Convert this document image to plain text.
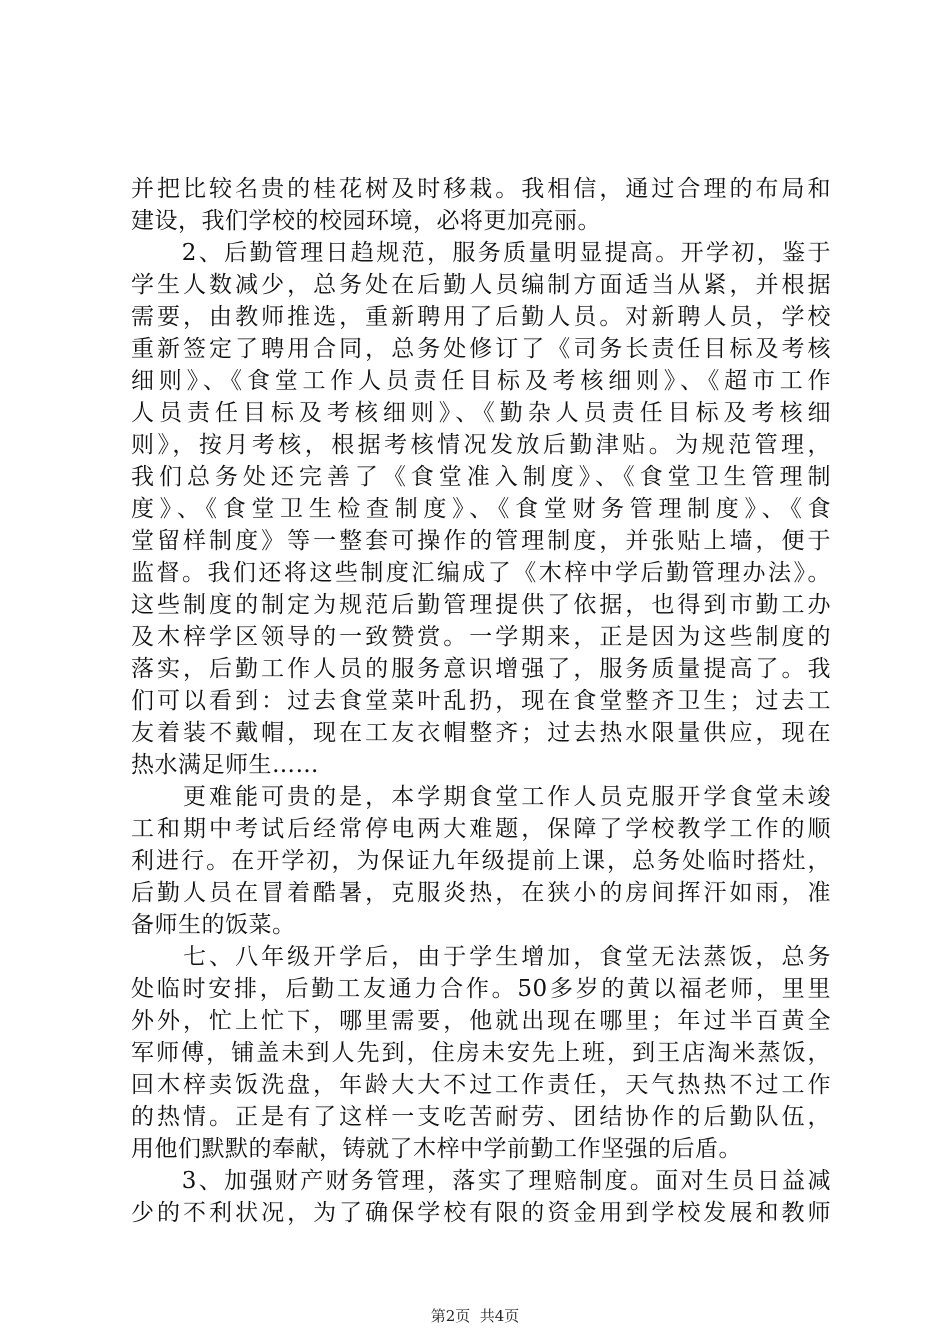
并把比较名贵的桂花树及时移栽。我相信，通过合理的布局和
建设，我们学校的校园环境，必将更加亮丽。
　　2、后勤管理日趋规范，服务质量明显提高。开学初，鉴于
学生人数减少，总务处在后勤人员编制方面适当从紧，并根据
需要，由教师推选，重新聘用了后勤人员。对新聘人员，学校
重新签定了聘用合同，总务处修订了《司务长责任目标及考核
细则》、《食堂工作人员责任目标及考核细则》、《超市工作
人员责任目标及考核细则》、《勤杂人员责任目标及考核细
则》，按月考核，根据考核情况发放后勤津贴。为规范管理，
我们总务处还完善了《食堂准入制度》、《食堂卫生管理制
度》、《食堂卫生检查制度》、《食堂财务管理制度》、《食
堂留样制度》等一整套可操作的管理制度，并张贴上墙，便于
监督。我们还将这些制度汇编成了《木梓中学后勤管理办法》。
这些制度的制定为规范后勤管理提供了依据，也得到市勤工办
及木梓学区领导的一致赞赏。一学期来，正是因为这些制度的
落实，后勤工作人员的服务意识增强了，服务质量提高了。我
们可以看到：过去食堂菜叶乱扔，现在食堂整齐卫生；过去工
友着装不戴帽，现在工友衣帽整齐；过去热水限量供应，现在
热水满足师生……
　　更难能可贵的是，本学期食堂工作人员克服开学食堂未竣
工和期中考试后经常停电两大难题，保障了学校教学工作的顺
利进行。在开学初，为保证九年级提前上课，总务处临时搭灶，
后勤人员在冒着酷暑，克服炎热，在狭小的房间挥汗如雨，准
备师生的饭菜。
　　七、八年级开学后，由于学生增加，食堂无法蒸饭，总务
处临时安排，后勤工友通力合作。50多岁的黄以福老师，里里
外外，忙上忙下，哪里需要，他就出现在哪里；年过半百黄全
军师傅，铺盖未到人先到，住房未安先上班，到王店淘米蒸饭，
回木梓卖饭洗盘，年龄大大不过工作责任，天气热热不过工作
的热情。正是有了这样一支吃苦耐劳、团结协作的后勤队伍，
用他们默默的奉献，铸就了木梓中学前勤工作坚强的后盾。
　　3、加强财产财务管理，落实了理赔制度。面对生员日益减
少的不利状况，为了确保学校有限的资金用到学校发展和教师
第2页  共4页
